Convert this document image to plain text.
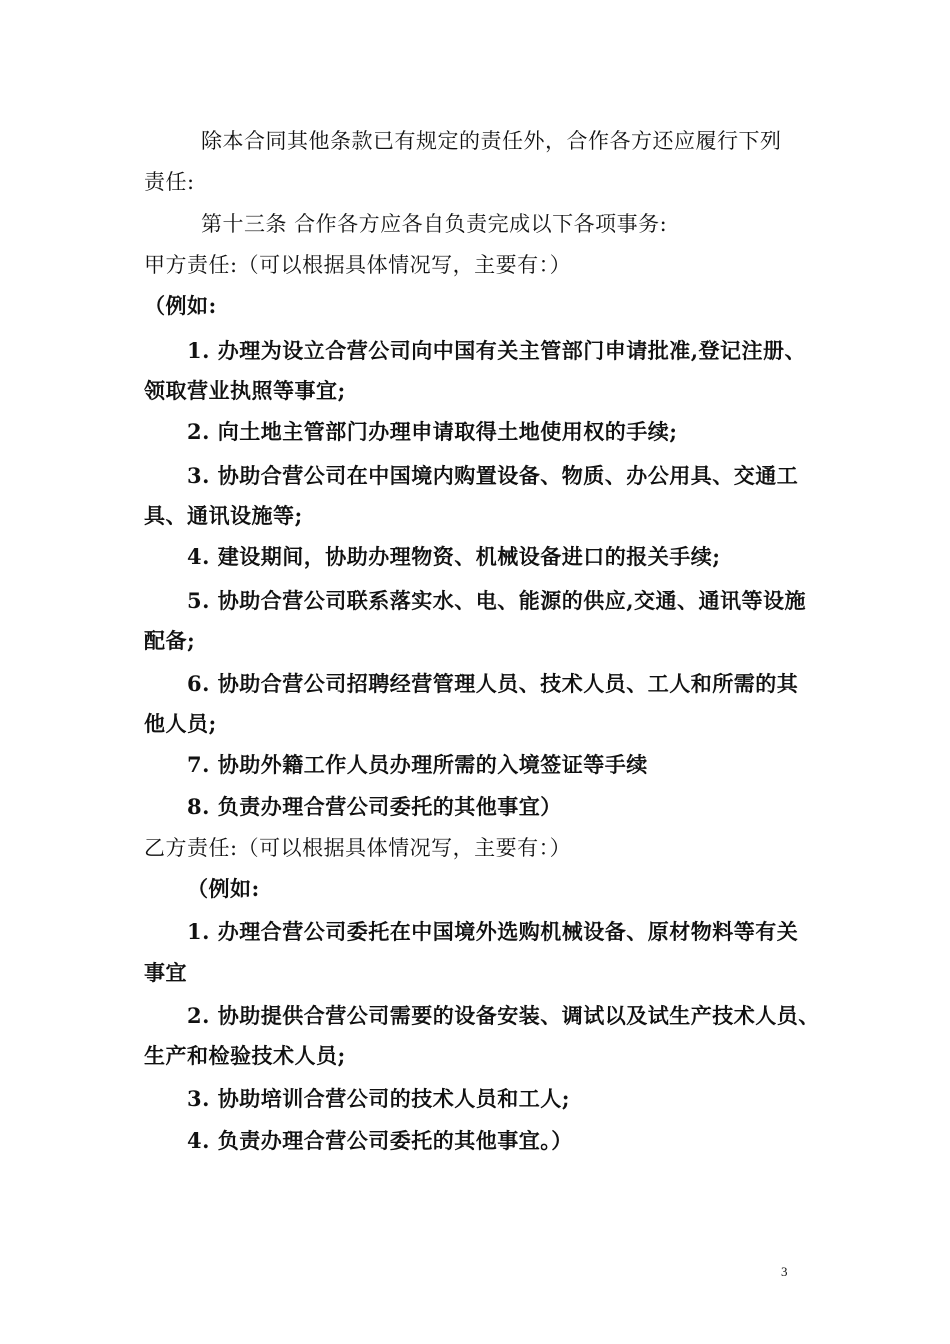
除本合同其他条款已有规定的责任外，合作各方还应履行下列
责任:
第十三条 合作各方应各自负责完成以下各项事务:
甲方责任:（可以根据具体情况写，主要有：）
（例如:
1. 办理为设立合营公司向中国有关主管部门申请批准,登记注册、
领取营业执照等事宜;
2. 向土地主管部门办理申请取得土地使用权的手续;
3. 协助合营公司在中国境内购置设备、物质、办公用具、交通工
具、通讯设施等;
4. 建设期间，协助办理物资、机械设备进口的报关手续;
5. 协助合营公司联系落实水、电、能源的供应,交通、通讯等设施
配备;
6. 协助合营公司招聘经营管理人员、技术人员、工人和所需的其
他人员;
7. 协助外籍工作人员办理所需的入境签证等手续
8. 负责办理合营公司委托的其他事宜）
乙方责任:（可以根据具体情况写，主要有：）
（例如:
1. 办理合营公司委托在中国境外选购机械设备、原材物料等有关
事宜
2. 协助提供合营公司需要的设备安装、调试以及试生产技术人员、
生产和检验技术人员;
3. 协助培训合营公司的技术人员和工人;
4. 负责办理合营公司委托的其他事宜。）
3
